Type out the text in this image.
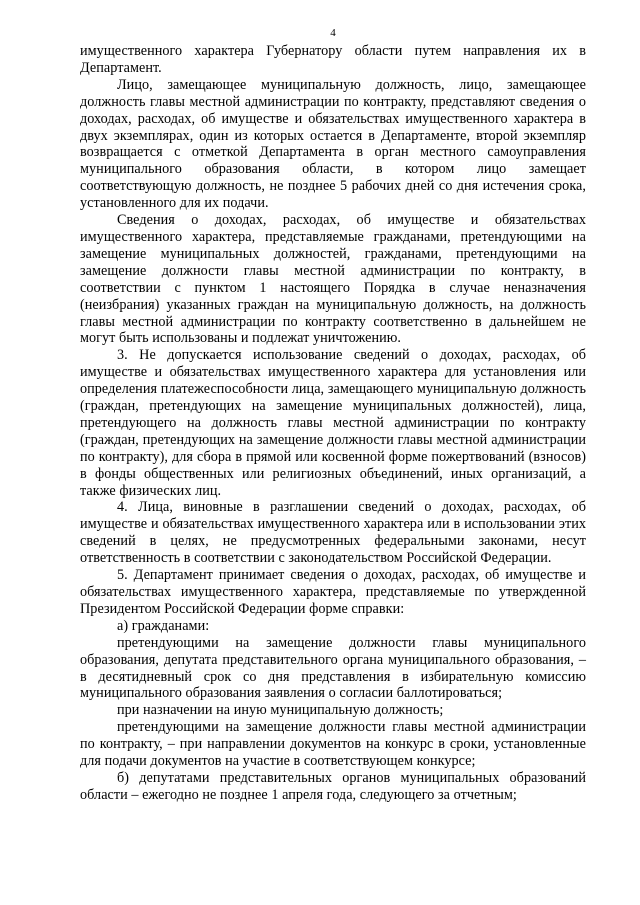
4

имущественного характера Губернатору области путем направления их в Департамент.

Лицо, замещающее муниципальную должность, лицо, замещающее должность главы местной администрации по контракту, представляют сведения о доходах, расходах, об имуществе и обязательствах имущественного характера в двух экземплярах, один из которых остается в Департаменте, второй экземпляр возвращается с отметкой Департамента в орган местного самоуправления муниципального образования области, в котором лицо замещает соответствующую должность, не позднее 5 рабочих дней со дня истечения срока, установленного для их подачи.

Сведения о доходах, расходах, об имуществе и обязательствах имущественного характера, представляемые гражданами, претендующими на замещение муниципальных должностей, гражданами, претендующими на замещение должности главы местной администрации по контракту, в соответствии с пунктом 1 настоящего Порядка в случае неназначения (неизбрания) указанных граждан на муниципальную должность, на должность главы местной администрации по контракту соответственно в дальнейшем не могут быть использованы и подлежат уничтожению.

3. Не допускается использование сведений о доходах, расходах, об имуществе и обязательствах имущественного характера для установления или определения платежеспособности лица, замещающего муниципальную должность (граждан, претендующих на замещение муниципальных должностей), лица, претендующего на должность главы местной администрации по контракту (граждан, претендующих на замещение должности главы местной администрации по контракту), для сбора в прямой или косвенной форме пожертвований (взносов) в фонды общественных или религиозных объединений, иных организаций, а также физических лиц.

4. Лица, виновные в разглашении сведений о доходах, расходах, об имуществе и обязательствах имущественного характера или в использовании этих сведений в целях, не предусмотренных федеральными законами, несут ответственность в соответствии с законодательством Российской Федерации.

5. Департамент принимает сведения о доходах, расходах, об имуществе и обязательствах имущественного характера, представляемые по утвержденной Президентом Российской Федерации форме справки:

а) гражданами:

претендующими на замещение должности главы муниципального образования, депутата представительного органа муниципального образования, – в десятидневный срок со дня представления в избирательную комиссию муниципального образования заявления о согласии баллотироваться;

при назначении на иную муниципальную должность;

претендующими на замещение должности главы местной администрации по контракту, – при направлении документов на конкурс в сроки, установленные для подачи документов на участие в соответствующем конкурсе;

б) депутатами представительных органов муниципальных образований области – ежегодно не позднее 1 апреля года, следующего за отчетным;
